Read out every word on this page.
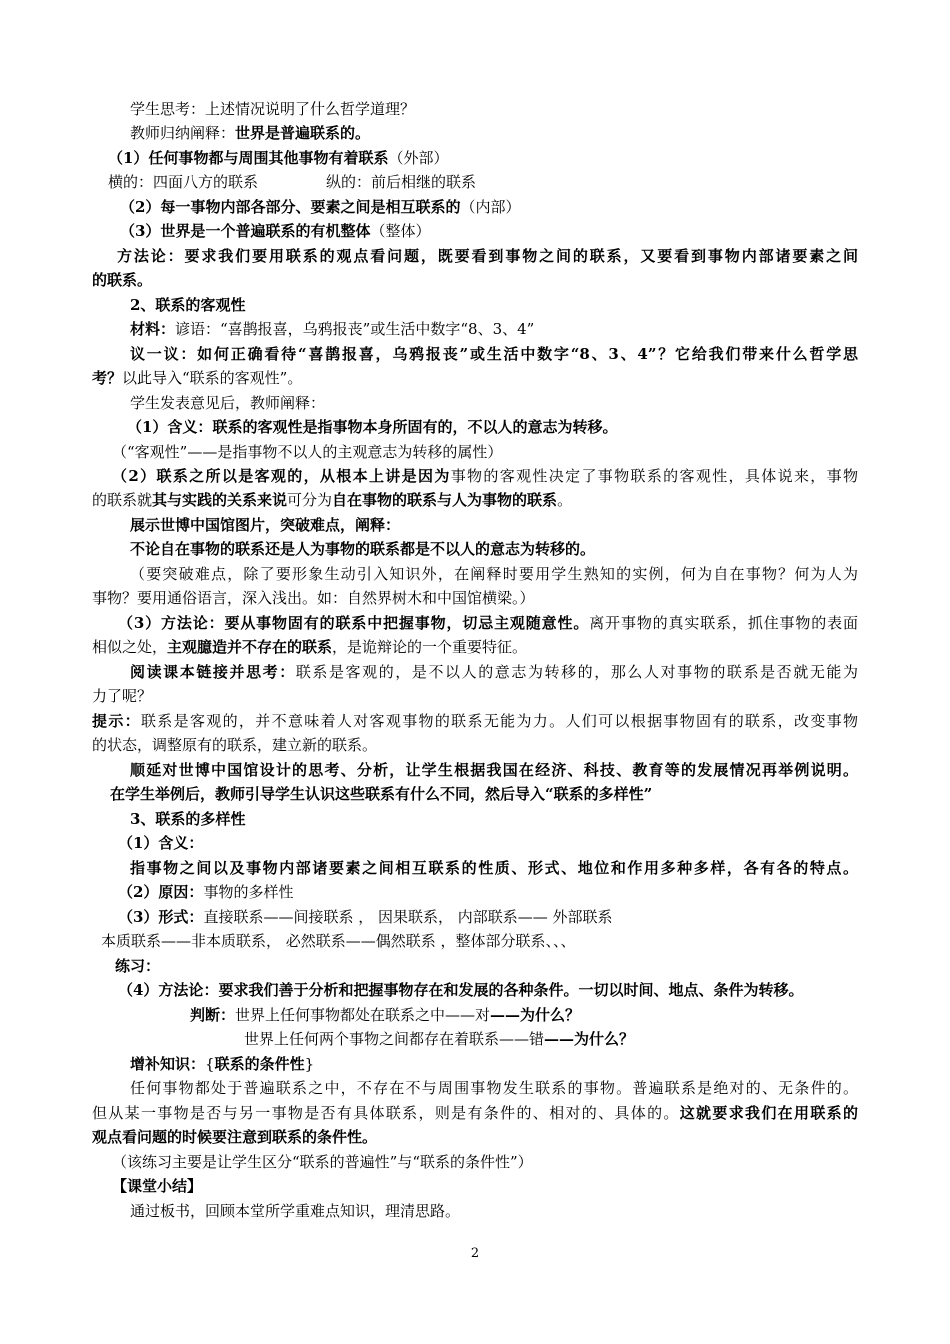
学生思考：上述情况说明了什么哲学道理？
教师归纳阐释：世界是普遍联系的。
（1）任何事物都与周围其他事物有着联系（外部）
横的：四面八方的联系	纵的：前后相继的联系
（2）每一事物内部各部分、要素之间是相互联系的（内部）
（3）世界是一个普遍联系的有机整体（整体）
方法论：要求我们要用联系的观点看问题，既要看到事物之间的联系，又要看到事物内部诸要素之间
的联系。
2、联系的客观性
材料：谚语：“喜鹊报喜，乌鸦报丧”或生活中数字“8、3、4”
议一议：如何正确看待“喜鹊报喜，乌鸦报丧”或生活中数字“8、3、4”？它给我们带来什么哲学思
考？以此导入“联系的客观性”。
学生发表意见后，教师阐释：
（1）含义：联系的客观性是指事物本身所固有的，不以人的意志为转移。
（“客观性”——是指事物不以人的主观意志为转移的属性）
（2）联系之所以是客观的，从根本上讲是因为事物的客观性决定了事物联系的客观性，具体说来，事物
的联系就其与实践的关系来说可分为自在事物的联系与人为事物的联系。
展示世博中国馆图片，突破难点，阐释：
不论自在事物的联系还是人为事物的联系都是不以人的意志为转移的。
（要突破难点，除了要形象生动引入知识外，在阐释时要用学生熟知的实例，何为自在事物？何为人为
事物？要用通俗语言，深入浅出。如：自然界树木和中国馆横梁。）
（3）方法论：要从事物固有的联系中把握事物，切忌主观随意性。离开事物的真实联系，抓住事物的表面
相似之处，主观臆造并不存在的联系，是诡辩论的一个重要特征。
阅读课本链接并思考：联系是客观的，是不以人的意志为转移的，那么人对事物的联系是否就无能为
力了呢？
提示：联系是客观的，并不意味着人对客观事物的联系无能为力。人们可以根据事物固有的联系，改变事物
的状态，调整原有的联系，建立新的联系。
顺延对世博中国馆设计的思考、分析，让学生根据我国在经济、科技、教育等的发展情况再举例说明。
在学生举例后，教师引导学生认识这些联系有什么不同，然后导入“联系的多样性”
3、联系的多样性
（1）含义：
指事物之间以及事物内部诸要素之间相互联系的性质、形式、地位和作用多种多样，各有各的特点。
（2）原因：事物的多样性
（3）形式：直接联系——间接联系 ， 因果联系， 内部联系—— 外部联系
本质联系——非本质联系， 必然联系——偶然联系 ，整体部分联系、、、
练习：
（4）方法论：要求我们善于分析和把握事物存在和发展的各种条件。一切以时间、地点、条件为转移。
判断：世界上任何事物都处在联系之中——对——为什么？
世界上任何两个事物之间都存在着联系——错——为什么？
增补知识：{联系的条件性}
任何事物都处于普遍联系之中，不存在不与周围事物发生联系的事物。普遍联系是绝对的、无条件的。
但从某一事物是否与另一事物是否有具体联系，则是有条件的、相对的、具体的。这就要求我们在用联系的
观点看问题的时候要注意到联系的条件性。
（该练习主要是让学生区分“联系的普遍性”与“联系的条件性”）
【课堂小结】
通过板书，回顾本堂所学重难点知识，理清思路。
2
